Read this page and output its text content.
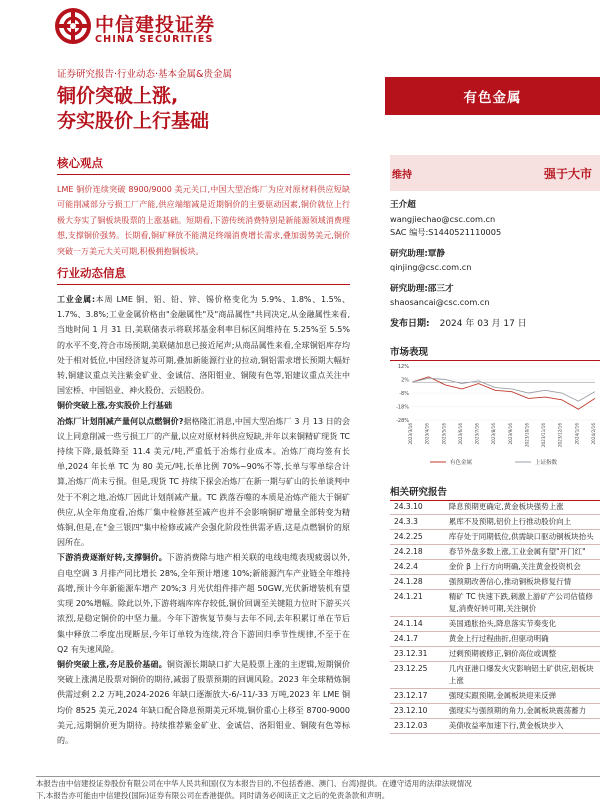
中信建投证券
CHINA SECURITIES
证券研究报告·行业动态·基本金属&贵金属
铜价突破上涨,
夯实股价上行基础
有色金属
核心观点
LME 铜价连续突破 8900/9000 美元关口,中国大型冶炼厂为应对原材料供应短缺可能削减部分亏损工厂产能,供应端缩减是近期铜价的主要驱动因素,铜价就位上行极大夯实了铜板块股票的上涨基础。短期看,下游传统消费特别是新能源领域消费理想,支撑铜价强势。长期看,铜矿释放不能满足终端消费增长需求,叠加弱势美元,铜价突破一万美元大关可期,积极拥抱铜板块。
行业动态信息
工业金属:本周 LME 铜、铝、铅、锌、锡价格变化为 5.9%、1.8%、1.5%、1.7%、3.8%;工业金属价格由"金融属性"及"商品属性"共同决定,从金融属性来看,当地时间 1 月 31 日,美联储表示将联邦基金利率目标区间维持在 5.25%至 5.5%的水平不变,符合市场预期,美联储加息已接近尾声;从商品属性来看,全球铜铝库存均处于相对低位,中国经济复苏可期,叠加新能源行业的拉动,铜铝需求增长预期大幅好转,铜建议重点关注紫金矿业、金诚信、洛阳钼业、铜陵有色等,铝建议重点关注中国宏桥、中国铝业、神火股份、云铝股份。
铜价突破上涨,夯实股价上行基础
冶炼厂计划削减产量何以点燃铜价?据格隆汇消息,中国大型冶炼厂 3 月 13 日的会议上同意削减一些亏损工厂的产量,以应对原材料供应短缺,并年以来铜精矿现货 TC 持续下降,最低降至 11.4 美元/吨,严重低于冶炼行业成本。冶炼厂商均签有长单,2024 年长单 TC 为 80 美元/吨,长单比例 70%~90%不等,长单与零单综合计算,冶炼厂尚未亏损。但是,现货 TC 持续下探会冶炼厂在新一期与矿山的长单谈判中处于不利之地,冶炼厂因此计划削减产量。TC 跌落吞噬的本质是冶炼产能大于铜矿供应,从全年角度看,冶炼厂集中检修甚至减产也并不会影响铜矿增量全部转变为精炼铜,但是,在"金三银四"集中检修或减产会强化阶段性供需矛盾,这是点燃铜价的原因所在。
下游消费逐渐好转,支撑铜价。下游消费除与地产相关联的电线电缆表现疲弱以外,自电空调 3 月排产同比增长 28%,全年预计增速 10%;新能源汽车产业链全年维持高增,预计今年新能源车增产 20%;3 月光伏组件排产超 50GW,光伏新增装机有望实现 20%增幅。除此以外,下游将端库库存较低,铜价回调至关键阻力位时下游买兴浓烈,是稳定铜价的中坚力量。今年下游恢复节奏与去年不同,去年积累订单在节后集中释放二季度出现断层,今年订单较为连续,符合下游回归季节性规律,不至于在 Q2 有失速风险。
铜价突破上涨,夯足股价基础。铜资源长期缺口扩大是股票上涨的主逻辑,短期铜价突破上涨满足股票对铜价的期待,减弱了股票预期的回调风险。2023 年全球精炼铜供需过剩 2.2 万吨,2024-2026 年缺口逐渐放大-6/-11/-33 万吨,2023 年 LME 铜均价 8525 美元,2024 年缺口配合降息预期美元环境,铜价重心上移至 8700-9000 美元,远期铜价更为期待。持续推荐紫金矿业、金诚信、洛阳钼业、铜陵有色等标的。
维持	强于大市
王介超
wangjiechao@csc.com.cn
SAC 编号:S1440521110005
研究助理:覃静
qinjing@csc.com.cn
研究助理:邵三才
shaosancai@csc.com.cn
发布日期: 2024 年 03 月 17 日
市场表现
12%
2%
-8%
-18%
-28%
2023/3/16	2023/4/16	2023/5/16	2023/6/16	2023/7/16	2023/8/16	2023/9/16	2023/10/16	2023/11/16	2023/12/16	2024/1/16	2024/2/16
有色金属	上证指数
相关研究报告
24.3.10	降息预期更确定,黄金板块强势上涨
24.3.3	累库不及预期,铝价上行推动股价向上
24.2.25	库存处于同期低位,供需缺口驱动铜板块抬头
24.2.18	春节外盘多数上涨,工业金属有望"开门红"
24.2.4	金价 β 上行方向明确,关注黄金投资机会
24.1.28	强预期改善信心,推动铜板块修复行情
24.1.21	精矿 TC 快速下跌,刺激上游矿产公司估值修复,消费好转可期,关注铜价
24.1.14	美国通胀抬头,降息落实节奏变化
24.1.7	黄金上行过程曲折,但驱动明确
23.12.31	过剩预期被修正,铜价高位或调整
23.12.25	几内亚港口爆发火灾影响铝土矿供应,铝板块上涨
23.12.17	强现实跟预期,金属板块迎来反弹
23.12.10	强现实与强预期的角力,金属板块震荡蓄力
23.12.03	美债收益率加速下行,黄金板块步入
本报告由中信建投证券股份有限公司在中华人民共和国(仅为本报告目的,不包括香港、澳门、台湾)提供。在遵守适用的法律法规情况
下,本报告亦可能由中信建投(国际)证券有限公司在香港提供。同时请务必阅读正文之后的免责条款和声明。
